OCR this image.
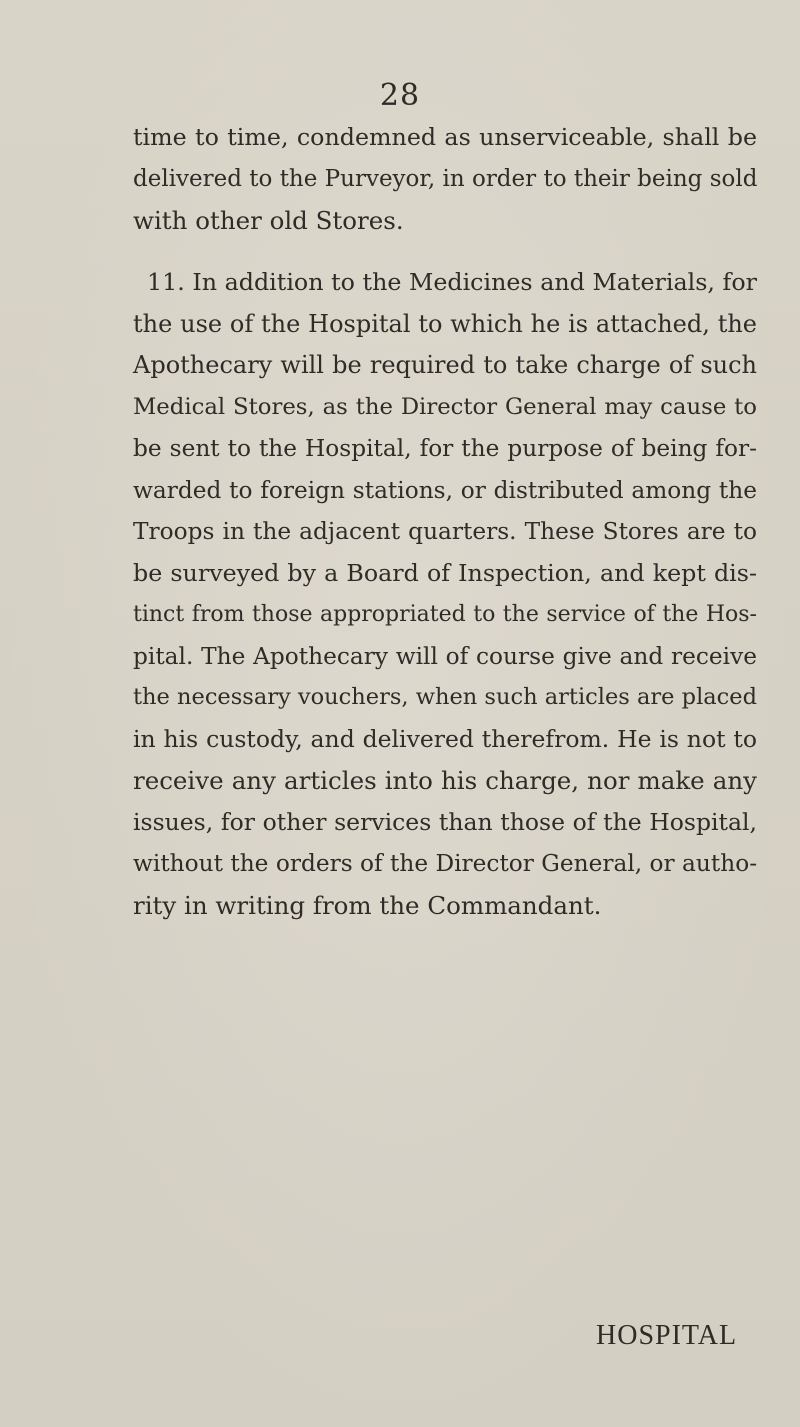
28

time to time, condemned as unserviceable, shall be
delivered to the Purveyor, in order to their being sold
with other old Stores.

11. In addition to the Medicines and Materials, for
the use of the Hospital to which he is attached, the
Apothecary will be required to take charge of such
Medical Stores, as the Director General may cause to
be sent to the Hospital, for the purpose of being for-
warded to foreign stations, or distributed among the
Troops in the adjacent quarters. These Stores are to
be surveyed by a Board of Inspection, and kept dis-
tinct from those appropriated to the service of the Hos-
pital. The Apothecary will of course give and receive
the necessary vouchers, when such articles are placed
in his custody, and delivered therefrom. He is not to
receive any articles into his charge, nor make any
issues, for other services than those of the Hospital,
without the orders of the Director General, or autho-
rity in writing from the Commandant.

HOSPITAL
